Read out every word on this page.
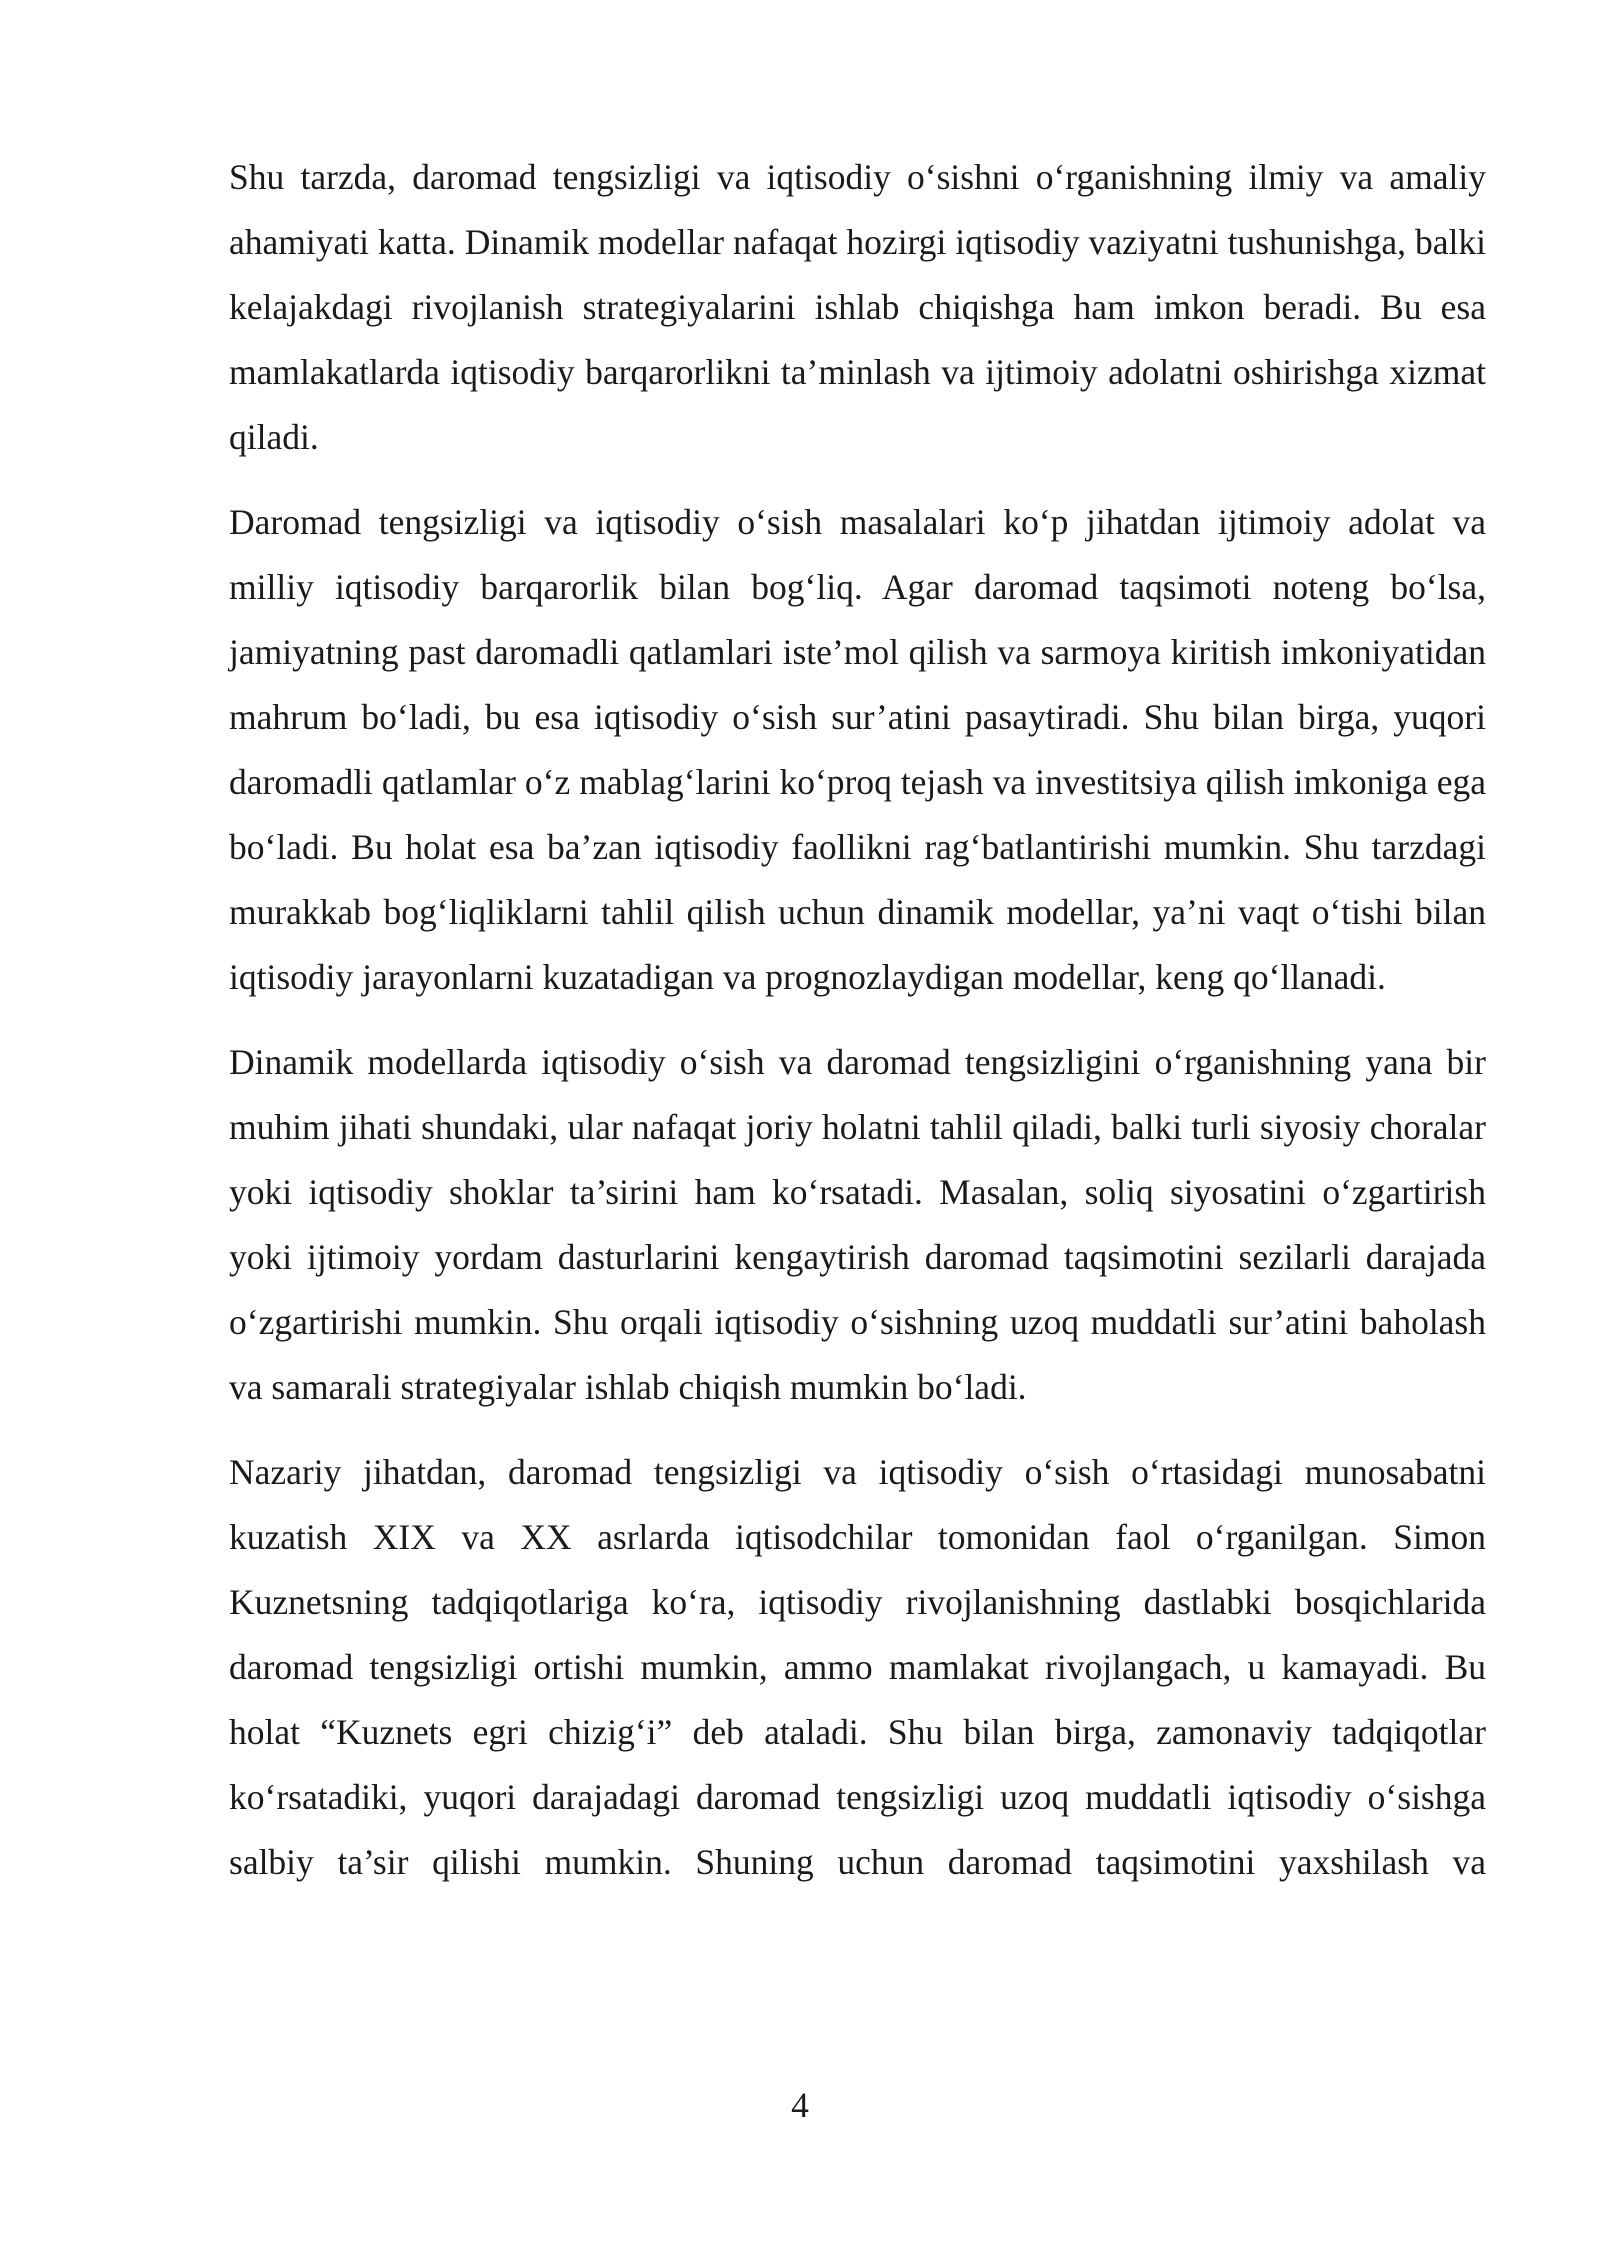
Shu tarzda, daromad tengsizligi va iqtisodiy o‘sishni o‘rganishning ilmiy va amaliy ahamiyati katta. Dinamik modellar nafaqat hozirgi iqtisodiy vaziyatni tushunishga, balki kelajakdagi rivojlanish strategiyalarini ishlab chiqishga ham imkon beradi. Bu esa mamlakatlarda iqtisodiy barqarorlikni ta’minlash va ijtimoiy adolatni oshirishga xizmat qiladi.

Daromad tengsizligi va iqtisodiy o‘sish masalalari ko‘p jihatdan ijtimoiy adolat va milliy iqtisodiy barqarorlik bilan bog‘liq. Agar daromad taqsimoti noteng bo‘lsa, jamiyatning past daromadli qatlamlari iste’mol qilish va sarmoya kiritish imkoniyatidan mahrum bo‘ladi, bu esa iqtisodiy o‘sish sur’atini pasaytiradi. Shu bilan birga, yuqori daromadli qatlamlar o‘z mablag‘larini ko‘proq tejash va investitsiya qilish imkoniga ega bo‘ladi. Bu holat esa ba’zan iqtisodiy faollikni rag‘batlantirishi mumkin. Shu tarzdagi murakkab bog‘liqliklarni tahlil qilish uchun dinamik modellar, ya’ni vaqt o‘tishi bilan iqtisodiy jarayonlarni kuzatadigan va prognozlaydigan modellar, keng qo‘llanadi.

Dinamik modellarda iqtisodiy o‘sish va daromad tengsizligini o‘rganishning yana bir muhim jihati shundaki, ular nafaqat joriy holatni tahlil qiladi, balki turli siyosiy choralar yoki iqtisodiy shoklar ta’sirini ham ko‘rsatadi. Masalan, soliq siyosatini o‘zgartirish yoki ijtimoiy yordam dasturlarini kengaytirish daromad taqsimotini sezilarli darajada o‘zgartirishi mumkin. Shu orqali iqtisodiy o‘sishning uzoq muddatli sur’atini baholash va samarali strategiyalar ishlab chiqish mumkin bo‘ladi.

Nazariy jihatdan, daromad tengsizligi va iqtisodiy o‘sish o‘rtasidagi munosabatni kuzatish XIX va XX asrlarda iqtisodchilar tomonidan faol o‘rganilgan. Simon Kuznetsning tadqiqotlariga ko‘ra, iqtisodiy rivojlanishning dastlabki bosqichlarida daromad tengsizligi ortishi mumkin, ammo mamlakat rivojlangach, u kamayadi. Bu holat “Kuznets egri chizig‘i” deb ataladi. Shu bilan birga, zamonaviy tadqiqotlar ko‘rsatadiki, yuqori darajadagi daromad tengsizligi uzoq muddatli iqtisodiy o‘sishga salbiy ta’sir qilishi mumkin. Shuning uchun daromad taqsimotini yaxshilash va

4
